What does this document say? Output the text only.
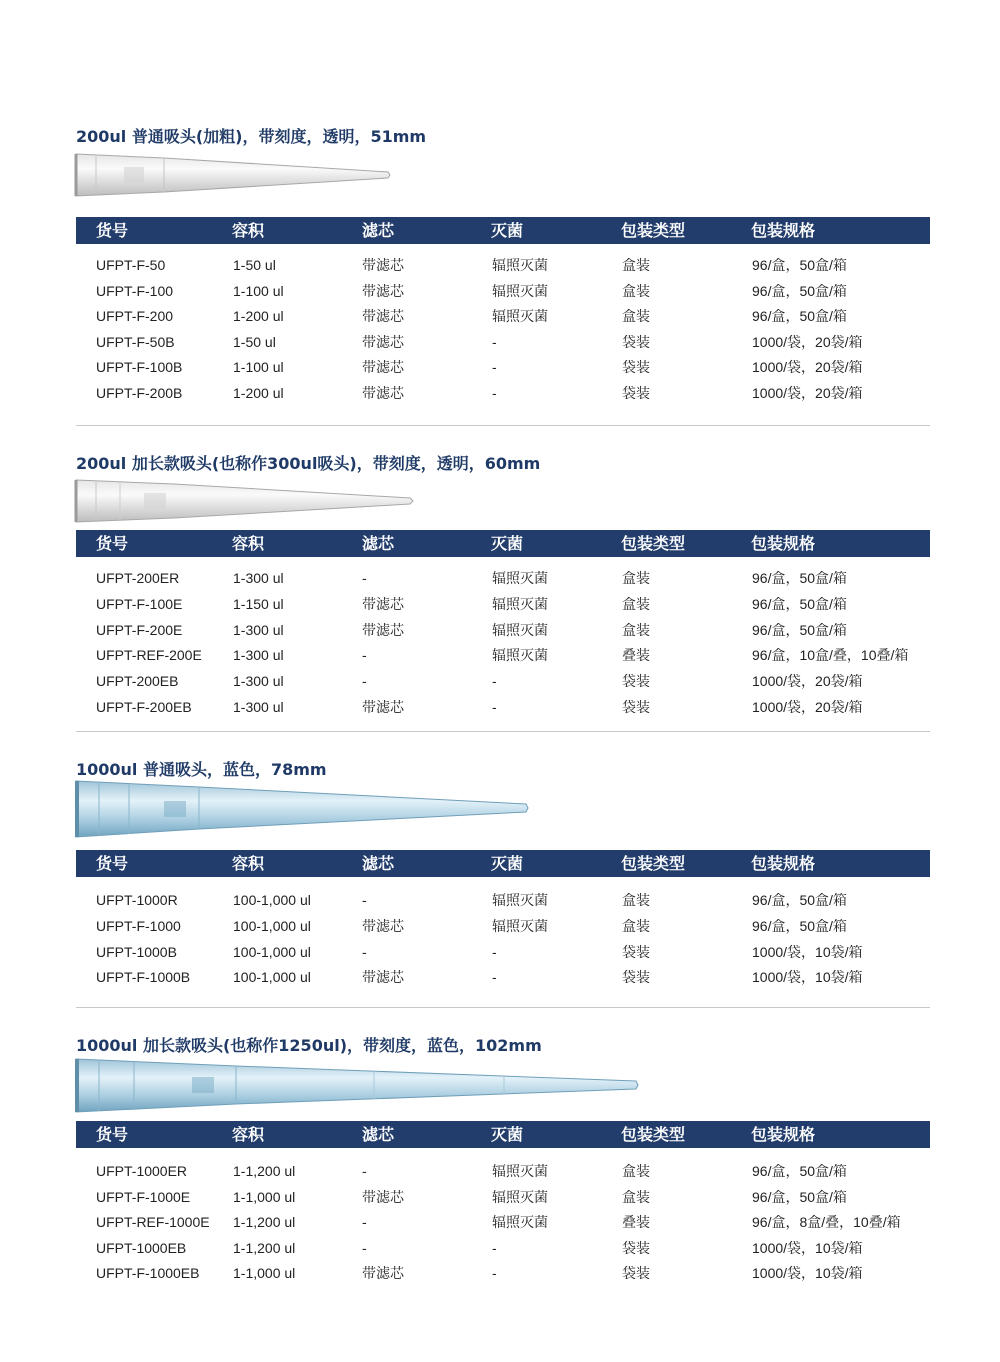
200ul 普通吸头(加粗)，带刻度，透明，51mm
货号	容积	滤芯	灭菌	包装类型	包装规格
UFPT-F-50	1-50 ul	带滤芯	辐照灭菌	盒装	96/盒，50盒/箱
UFPT-F-100	1-100 ul	带滤芯	辐照灭菌	盒装	96/盒，50盒/箱
UFPT-F-200	1-200 ul	带滤芯	辐照灭菌	盒装	96/盒，50盒/箱
UFPT-F-50B	1-50 ul	带滤芯	-	袋装	1000/袋，20袋/箱
UFPT-F-100B	1-100 ul	带滤芯	-	袋装	1000/袋，20袋/箱
UFPT-F-200B	1-200 ul	带滤芯	-	袋装	1000/袋，20袋/箱
200ul 加长款吸头(也称作300ul吸头)，带刻度，透明，60mm
货号	容积	滤芯	灭菌	包装类型	包装规格
UFPT-200ER	1-300 ul	-	辐照灭菌	盒装	96/盒，50盒/箱
UFPT-F-100E	1-150 ul	带滤芯	辐照灭菌	盒装	96/盒，50盒/箱
UFPT-F-200E	1-300 ul	带滤芯	辐照灭菌	盒装	96/盒，50盒/箱
UFPT-REF-200E 1-300 ul	-	辐照灭菌	叠装	96/盒，10盒/叠，10叠/箱
UFPT-200EB	1-300 ul	-	-	袋装	1000/袋，20袋/箱
UFPT-F-200EB	1-300 ul	带滤芯	-	袋装	1000/袋，20袋/箱
1000ul 普通吸头，蓝色，78mm
货号	容积	滤芯	灭菌	包装类型	包装规格
UFPT-1000R	100-1,000 ul	-	辐照灭菌	盒装	96/盒，50盒/箱
UFPT-F-1000	100-1,000 ul	带滤芯	辐照灭菌	盒装	96/盒，50盒/箱
UFPT-1000B	100-1,000 ul	-	-	袋装	1000/袋，10袋/箱
UFPT-F-1000B	100-1,000 ul	带滤芯	-	袋装	1000/袋，10袋/箱
1000ul 加长款吸头(也称作1250ul)，带刻度，蓝色，102mm
货号	容积	滤芯	灭菌	包装类型	包装规格
UFPT-1000ER	1-1,200 ul	-	辐照灭菌	盒装	96/盒，50盒/箱
UFPT-F-1000E	1-1,000 ul	带滤芯	辐照灭菌	盒装	96/盒，50盒/箱
UFPT-REF-1000E 1-1,200 ul	-	辐照灭菌	叠装	96/盒，8盒/叠，10叠/箱
UFPT-1000EB	1-1,200 ul	-	-	袋装	1000/袋，10袋/箱
UFPT-F-1000EB 1-1,000 ul	带滤芯	-	袋装	1000/袋，10袋/箱
